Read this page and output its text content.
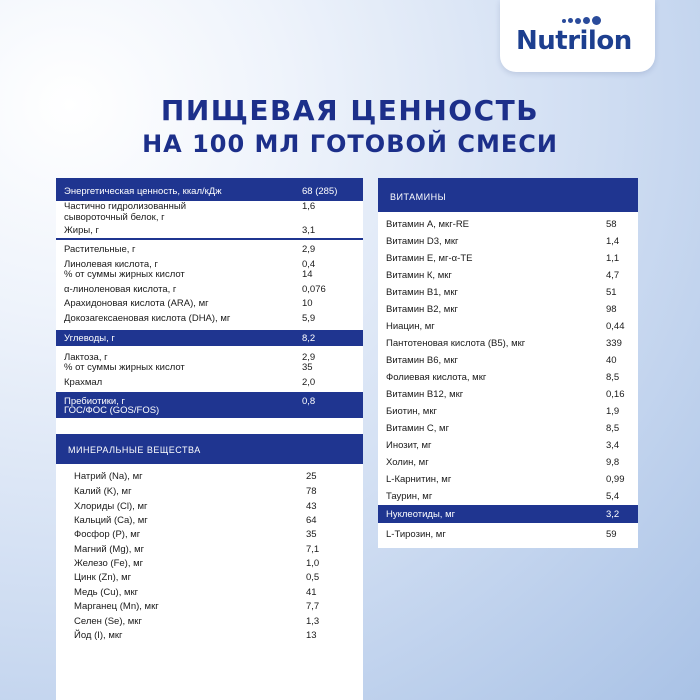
Nutrilon
ПИЩЕВАЯ ЦЕННОСТЬ
НА 100 МЛ ГОТОВОЙ СМЕСИ
Энергетическая ценность, ккал/кДж	68 (285)
Частично гидролизованный	1,6
сывороточный белок, г
Жиры, г	3,1
Растительные, г	2,9
Линолевая кислота, г	0,4
% от суммы жирных кислот	14
α-линоленовая кислота, г	0,076
Арахидоновая кислота (ARA), мг	10
Докозагексаеновая кислота (DHA), мг	5,9
Углеводы, г	8,2
Лактоза, г	2,9
% от суммы жирных кислот	35
Крахмал	2,0
Пребиотики, г	0,8
ГОС/ФОС (GOS/FOS)
МИНЕРАЛЬНЫЕ ВЕЩЕСТВА
Натрий (Na), мг	25
Калий (K), мг	78
Хлориды (Cl), мг	43
Кальций (Ca), мг	64
Фосфор (P), мг	35
Магний (Mg), мг	7,1
Железо (Fe), мг	1,0
Цинк (Zn), мг	0,5
Медь (Cu), мкг	41
Марганец (Mn), мкг	7,7
Селен (Se), мкг	1,3
Йод (I), мкг	13
ВИТАМИНЫ
Витамин А, мкг-RE	58
Витамин D3, мкг	1,4
Витамин Е, мг-α-ТЕ	1,1
Витамин К, мкг	4,7
Витамин В1, мкг	51
Витамин В2, мкг	98
Ниацин, мг	0,44
Пантотеновая кислота (В5), мкг	339
Витамин В6, мкг	40
Фолиевая кислота, мкг	8,5
Витамин В12, мкг	0,16
Биотин, мкг	1,9
Витамин С, мг	8,5
Инозит, мг	3,4
Холин, мг	9,8
L-Карнитин, мг	0,99
Таурин, мг	5,4
Нуклеотиды, мг	3,2
L-Тирозин, мг	59
